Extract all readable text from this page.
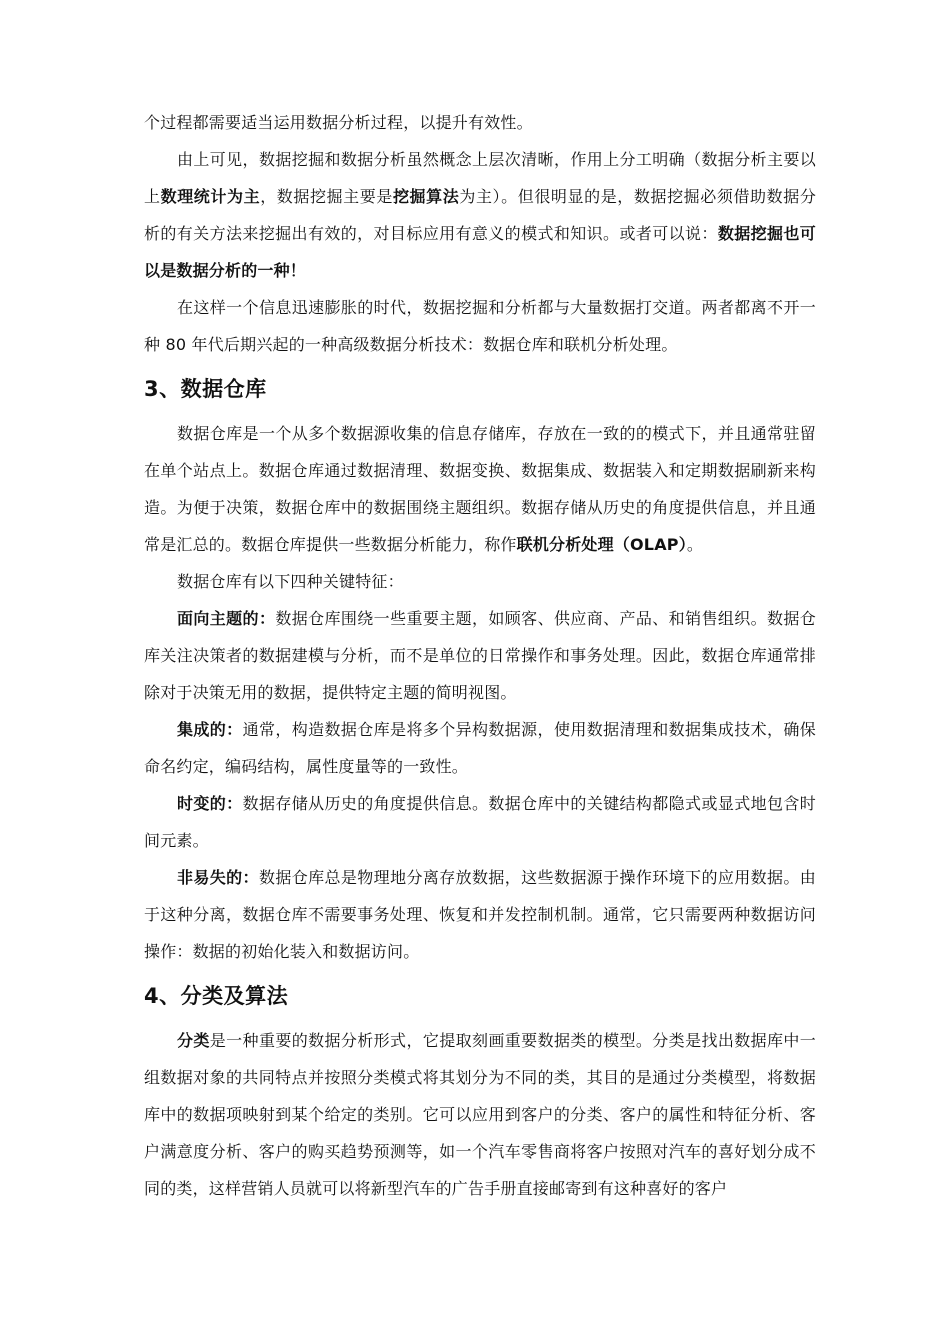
个过程都需要适当运用数据分析过程，以提升有效性。

由上可见，数据挖掘和数据分析虽然概念上层次清晰，作用上分工明确（数据分析主要以上数理统计为主，数据挖掘主要是挖掘算法为主）。但很明显的是，数据挖掘必须借助数据分析的有关方法来挖掘出有效的，对目标应用有意义的模式和知识。或者可以说：数据挖掘也可以是数据分析的一种！

在这样一个信息迅速膨胀的时代，数据挖掘和分析都与大量数据打交道。两者都离不开一种 80 年代后期兴起的一种高级数据分析技术：数据仓库和联机分析处理。

3、数据仓库

数据仓库是一个从多个数据源收集的信息存储库，存放在一致的的模式下，并且通常驻留在单个站点上。数据仓库通过数据清理、数据变换、数据集成、数据装入和定期数据刷新来构造。为便于决策，数据仓库中的数据围绕主题组织。数据存储从历史的角度提供信息，并且通常是汇总的。数据仓库提供一些数据分析能力，称作联机分析处理（OLAP）。

数据仓库有以下四种关键特征：

面向主题的：数据仓库围绕一些重要主题，如顾客、供应商、产品、和销售组织。数据仓库关注决策者的数据建模与分析，而不是单位的日常操作和事务处理。因此，数据仓库通常排除对于决策无用的数据，提供特定主题的简明视图。

集成的：通常，构造数据仓库是将多个异构数据源，使用数据清理和数据集成技术，确保命名约定，编码结构，属性度量等的一致性。

时变的：数据存储从历史的角度提供信息。数据仓库中的关键结构都隐式或显式地包含时间元素。

非易失的：数据仓库总是物理地分离存放数据，这些数据源于操作环境下的应用数据。由于这种分离，数据仓库不需要事务处理、恢复和并发控制机制。通常，它只需要两种数据访问操作：数据的初始化装入和数据访问。

4、分类及算法

分类是一种重要的数据分析形式，它提取刻画重要数据类的模型。分类是找出数据库中一组数据对象的共同特点并按照分类模式将其划分为不同的类，其目的是通过分类模型，将数据库中的数据项映射到某个给定的类别。它可以应用到客户的分类、客户的属性和特征分析、客户满意度分析、客户的购买趋势预测等，如一个汽车零售商将客户按照对汽车的喜好划分成不同的类，这样营销人员就可以将新型汽车的广告手册直接邮寄到有这种喜好的客户
